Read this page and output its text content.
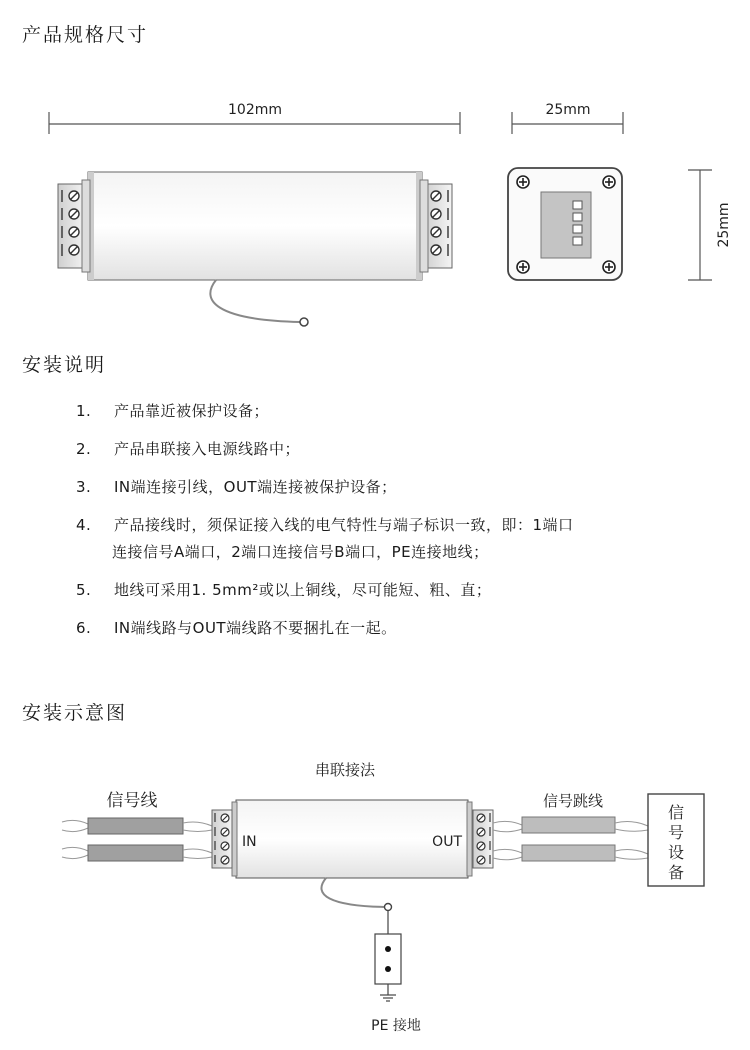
产品规格尺寸
102mm	25mm
25mm
安装说明
1. 产品靠近被保护设备；
2. 产品串联接入电源线路中；
3. IN端连接引线，OUT端连接被保护设备；
4. 产品接线时，须保证接入线的电气特性与端子标识一致，即：1端口
连接信号A端口，2端口连接信号B端口，PE连接地线；
5. 地线可采用1. 5mm²或以上铜线，尽可能短、粗、直；
6. IN端线路与OUT端线路不要捆扎在一起。
安装示意图
串联接法
信号线	信号跳线
IN	OUT
信
号
设
备
PE 接地
